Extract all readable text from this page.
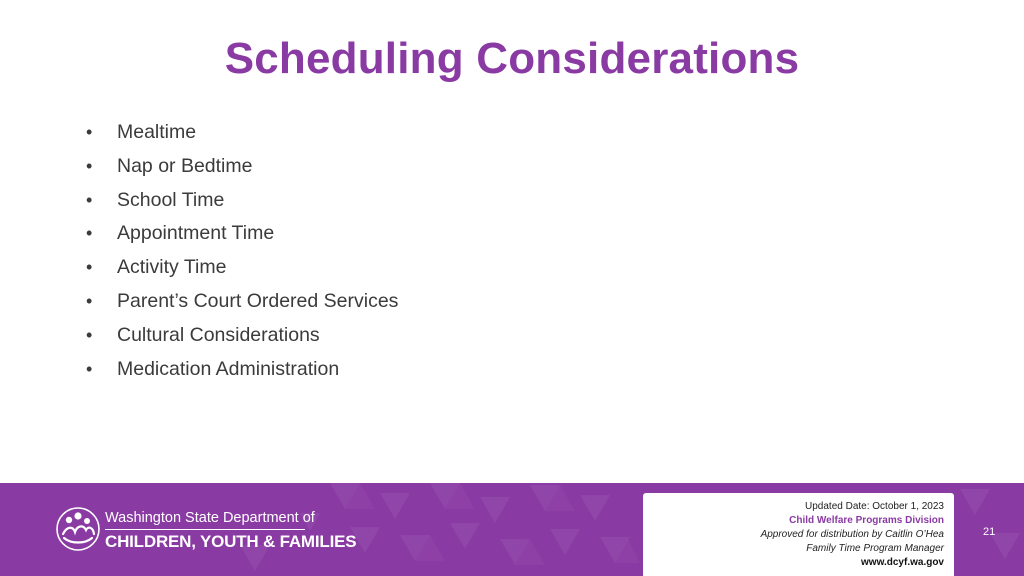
Scheduling Considerations
• Mealtime
• Nap or Bedtime
• School Time
• Appointment Time
• Activity Time
• Parent’s Court Ordered Services
• Cultural Considerations
• Medication Administration
Washington State Department of
CHILDREN, YOUTH & FAMILIES
Updated Date: October 1, 2023
Child Welfare Programs Division
Approved for distribution by Caitlin O’Hea
Family Time Program Manager
www.dcyf.wa.gov
21
